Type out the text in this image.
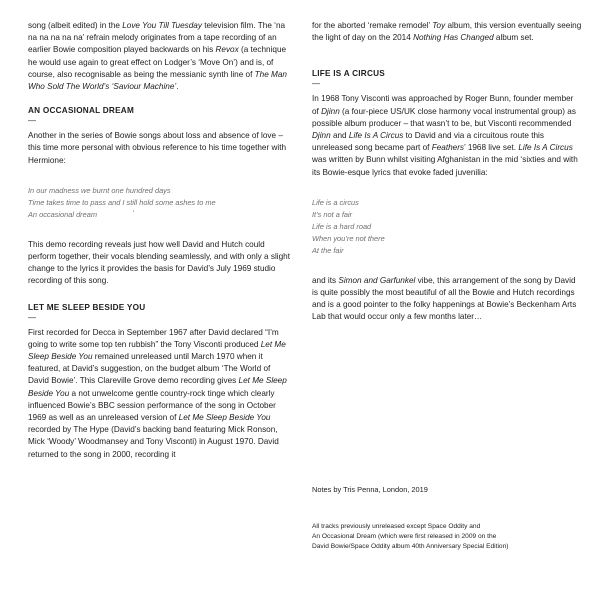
song (albeit edited) in the Love You Till Tuesday television film. The ‘na na na na na na’ refrain melody originates from a tape recording of an earlier Bowie composition played backwards on his Revox (a technique he would use again to great effect on Lodger’s ‘Move On’) and is, of course, also recognisable as being the messianic synth line of The Man Who Sold The World’s ‘Saviour Machine’.

AN OCCASIONAL DREAM
—

Another in the series of Bowie songs about loss and absence of love – this time more personal with obvious reference to his time together with Hermione:

In our madness we burnt one hundred days
Time takes time to pass and I still hold some ashes to me
An occasional dream

This demo recording reveals just how well David and Hutch could perform together, their vocals blending seamlessly, and with only a slight change to the lyrics it provides the basis for David’s July 1969 studio recording of this song.

LET ME SLEEP BESIDE YOU
—

First recorded for Decca in September 1967 after David declared “I’m going to write some top ten rubbish” the Tony Visconti produced Let Me Sleep Beside You remained unreleased until March 1970 when it featured, at David’s suggestion, on the budget album ‘The World of David Bowie’. This Clareville Grove demo recording gives Let Me Sleep Beside You a not unwelcome gentle country-rock tinge which clearly influenced Bowie’s BBC session performance of the song in October 1969 as well as an unreleased version of Let Me Sleep Beside You recorded by The Hype (David’s backing band featuring Mick Ronson, Mick ‘Woody’ Woodmansey and Tony Visconti) in August 1970. David returned to the song in 2000, recording it

'

for the aborted ‘remake remodel’ Toy album, this version eventually seeing the light of day on the 2014 Nothing Has Changed album set.

LIFE IS A CIRCUS
—

In 1968 Tony Visconti was approached by Roger Bunn, founder member of Djinn (a four-piece US/UK close harmony vocal instrumental group) as possible album producer – that wasn’t to be, but Visconti recommended Djinn and Life Is A Circus to David and via a circuitous route this unreleased song became part of Feathers’ 1968 live set. Life Is A Circus was written by Bunn whilst visiting Afghanistan in the mid ‘sixties and with its Bowie-esque lyrics that evoke faded juvenilia:

Life is a circus
It’s not a fair
Life is a hard road
When you’re not there
At the fair

and its Simon and Garfunkel vibe, this arrangement of the song by David is quite possibly the most beautiful of all the Bowie and Hutch recordings and is a good pointer to the folky happenings at Bowie’s Beckenham Arts Lab that would occur only a few months later…

Notes by Tris Penna, London, 2019
All tracks previously unreleased except Space Oddity and
An Occasional Dream (which were first released in 2009 on the
David Bowie/Space Oddity album 40th Anniversary Special Edition)
